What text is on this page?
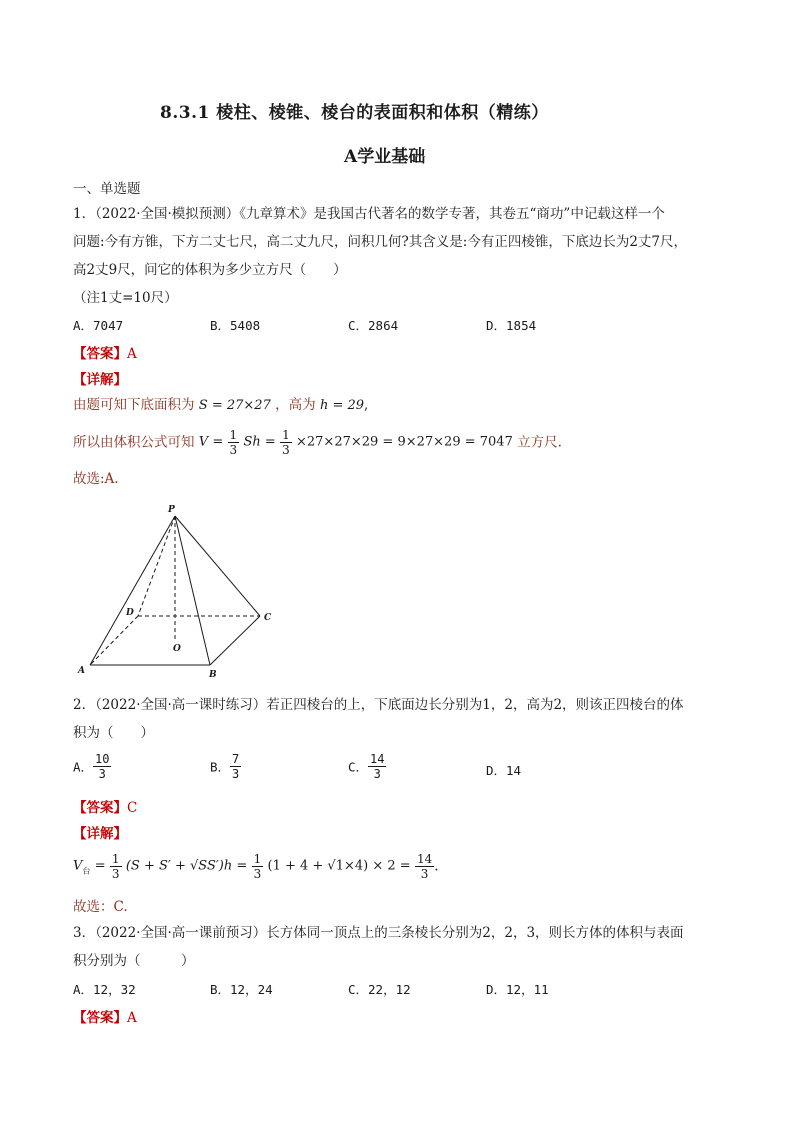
8.3.1 棱柱、棱锥、棱台的表面积和体积（精练）
A学业基础
一、单选题
1．（2022·全国·模拟预测）《九章算术》是我国古代著名的数学专著，其卷五“商功”中记载这样一个
问题:今有方锥，下方二丈七尺，高二丈九尺，问积几何?其含义是:今有正四棱锥，下底边长为2丈7尺，
高2丈9尺，问它的体积为多少立方尺（　　）
（注1丈=10尺）
A．7047	B．5408	C．2864	D．1854
【答案】A
【详解】
由题可知下底面积为 S = 27×27 ，高为 h = 29,
所以由体积公式可知 $V = \frac{1}{3}$ $Sh = \frac{1}{3} \times 27\times 27\times 29 = 9\times 27\times 29 = 7047$ 立方尺.
故选:A.
P
D	C
O
A	B
2．（2022·全国·高一课时练习）若正四棱台的上，下底面边长分别为1，2，高为2，则该正四棱台的体
积为（　　）
A． $\frac{10}{3}$	B． $\frac{7}{3}$	C． $\frac{14}{3}$	D．14
【答案】C
【详解】
$V_台 = \frac{1}{3} (S + S' + √SS')h = \frac{1}{3} (1 + 4 + √1\times 4) \times 2 = \frac{14}{3}$ .
故选：C.
3．（2022·全国·高一课前预习）长方体同一顶点上的三条棱长分别为2，2，3，则长方体的体积与表面
积分别为（　　　）
A．12，32	B．12，24	C．22，12	D．12，11
【答案】A
